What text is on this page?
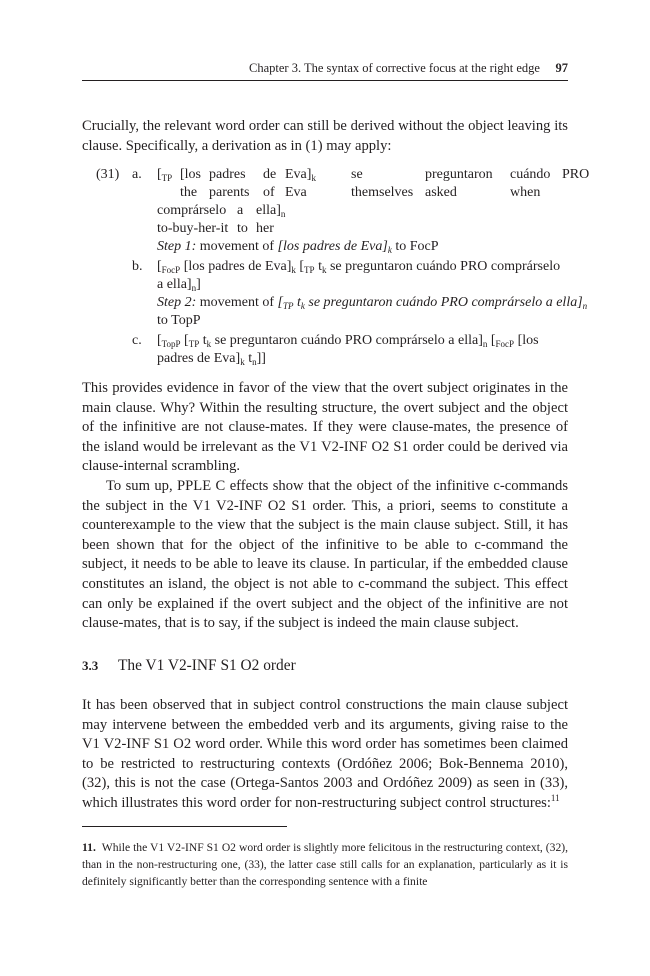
Chapter 3. The syntax of corrective focus at the right edge 97

Crucially, the relevant word order can still be derived without the object leaving its clause. Specifically, a derivation as in (1) may apply:

(31) a. [$_{TP}$	[los	padres	de	$Eva]_k$	se	preguntaron	cuándo	PRO
	the	parents	of	Eva	themselves	asked	when	
comprárselo	a	$ella]_n$
to-buy-her-it	to	her
Step 1: movement of [los padres de $Eva]_k$ to FocP
b. [$_{FocP}$ [los padres de $Eva]_k$ [$_{TP}$ $t_k$ se preguntaron cuándo PRO comprárselo
a $ella]_n$]
Step 2: movement of [$_{TP}$ $t_k$ se preguntaron cuándo PRO comprárselo a $ella]_n$
to TopP
c. [$_{TopP}$ [$_{TP}$ $t_k$ se preguntaron cuándo PRO comprárselo a $ella]_n$ [$_{FocP}$ [los
padres de $Eva]_k$ $t_n$]]

This provides evidence in favor of the view that the overt subject originates in the main clause. Why? Within the resulting structure, the overt subject and the object of the infinitive are not clause-mates. If they were clause-mates, the presence of the island would be irrelevant as the V1 V2-INF O2 S1 order could be derived via clause-internal scrambling.

To sum up, PPLE C effects show that the object of the infinitive c-commands the subject in the V1 V2-INF O2 S1 order. This, a priori, seems to constitute a counterexample to the view that the subject is the main clause subject. Still, it has been shown that for the object of the infinitive to be able to c-command the subject, it needs to be able to leave its clause. In particular, if the embedded clause constitutes an island, the object is not able to c-command the subject. This effect can only be explained if the overt subject and the object of the infinitive are not clause-mates, that is to say, if the subject is indeed the main clause subject.

3.3 The V1 V2-INF S1 O2 order

It has been observed that in subject control constructions the main clause subject may intervene between the embedded verb and its arguments, giving raise to the V1 V2-INF S1 O2 word order. While this word order has sometimes been claimed to be restricted to restructuring contexts (Ordóñez 2006; Bok-Bennema 2010), (32), this is not the case (Ortega-Santos 2003 and Ordóñez 2009) as seen in (33), which illustrates this word order for non-restructuring subject control structures:$^{11}$

11. While the V1 V2-INF S1 O2 word order is slightly more felicitous in the restructuring context, (32), than in the non-restructuring one, (33), the latter case still calls for an explanation, particularly as it is definitely significantly better than the corresponding sentence with a finite
